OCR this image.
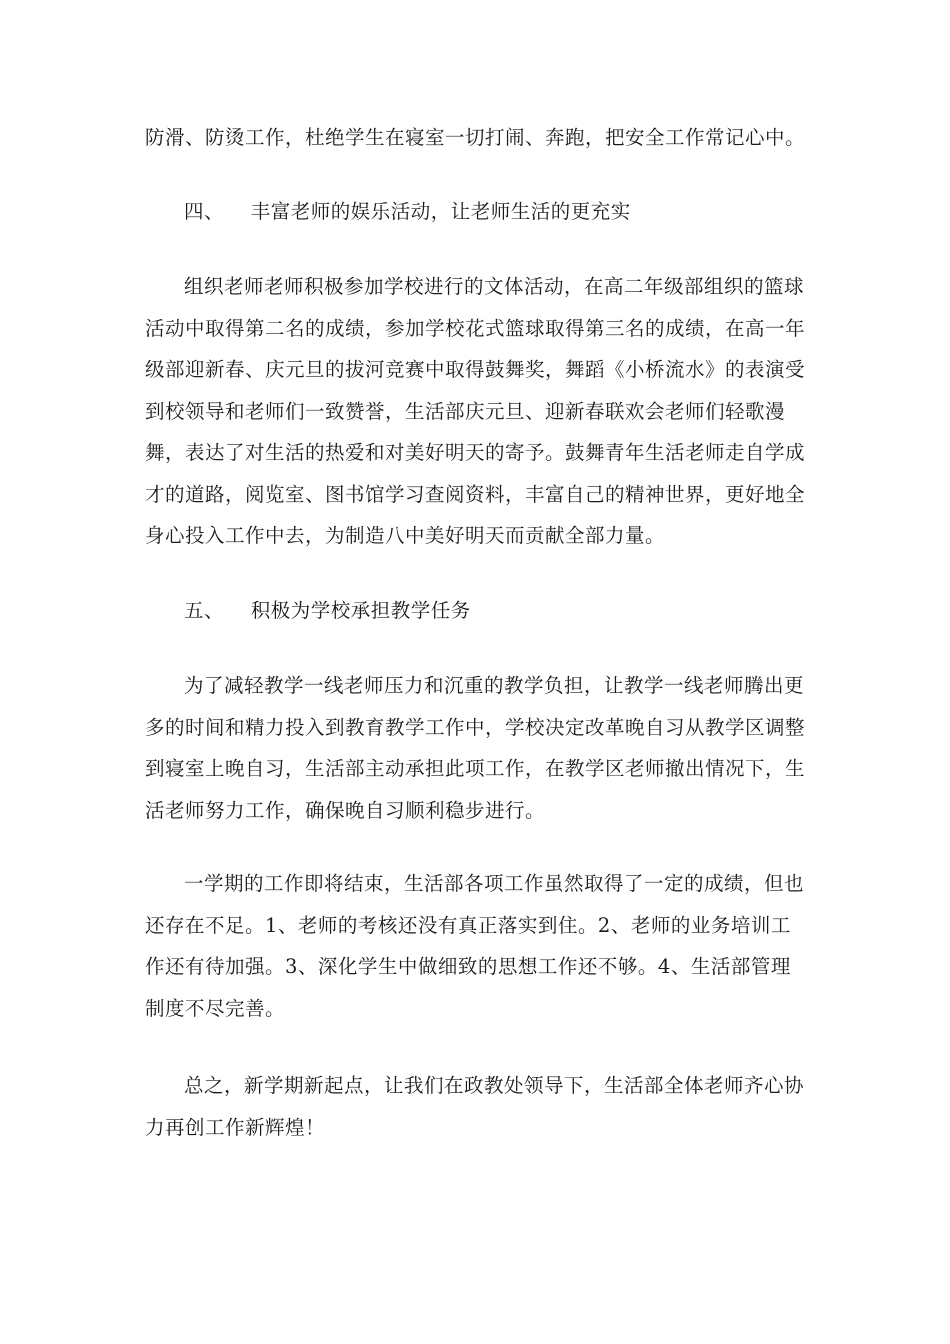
防滑、防烫工作，杜绝学生在寝室一切打闹、奔跑，把安全工作常记心中。
四、    丰富老师的娱乐活动，让老师生活的更充实
组织老师老师积极参加学校进行的文体活动，在高二年级部组织的篮球活动中取得第二名的成绩，参加学校花式篮球取得第三名的成绩，在高一年级部迎新春、庆元旦的拔河竞赛中取得鼓舞奖，舞蹈《小桥流水》的表演受到校领导和老师们一致赞誉，生活部庆元旦、迎新春联欢会老师们轻歌漫舞，表达了对生活的热爱和对美好明天的寄予。鼓舞青年生活老师走自学成才的道路，阅览室、图书馆学习查阅资料，丰富自己的精神世界，更好地全身心投入工作中去，为制造八中美好明天而贡献全部力量。
五、    积极为学校承担教学任务
为了减轻教学一线老师压力和沉重的教学负担，让教学一线老师腾出更多的时间和精力投入到教育教学工作中，学校决定改革晚自习从教学区调整到寝室上晚自习，生活部主动承担此项工作，在教学区老师撤出情况下，生活老师努力工作，确保晚自习顺利稳步进行。
一学期的工作即将结束，生活部各项工作虽然取得了一定的成绩，但也还存在不足。1、老师的考核还没有真正落实到住。2、老师的业务培训工作还有待加强。3、深化学生中做细致的思想工作还不够。4、生活部管理制度不尽完善。
总之，新学期新起点，让我们在政教处领导下，生活部全体老师齐心协力再创工作新辉煌！
